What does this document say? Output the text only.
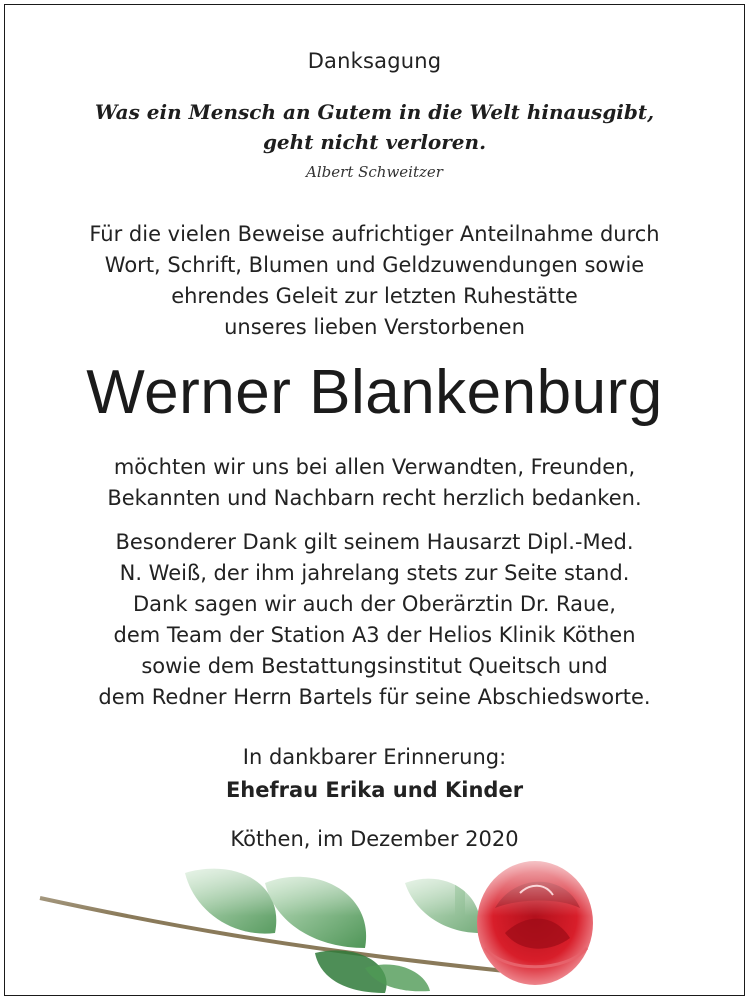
Danksagung
Was ein Mensch an Gutem in die Welt hinausgibt,
geht nicht verloren.
Albert Schweitzer
Für die vielen Beweise aufrichtiger Anteilnahme durch
Wort, Schrift, Blumen und Geldzuwendungen sowie
ehrendes Geleit zur letzten Ruhestätte
unseres lieben Verstorbenen
Werner Blankenburg
möchten wir uns bei allen Verwandten, Freunden,
Bekannten und Nachbarn recht herzlich bedanken.
Besonderer Dank gilt seinem Hausarzt Dipl.-Med.
N. Weiß, der ihm jahrelang stets zur Seite stand.
Dank sagen wir auch der Oberärztin Dr. Raue,
dem Team der Station A3 der Helios Klinik Köthen
sowie dem Bestattungsinstitut Queitsch und
dem Redner Herrn Bartels für seine Abschiedsworte.
In dankbarer Erinnerung:
Ehefrau Erika und Kinder
Köthen, im Dezember 2020
